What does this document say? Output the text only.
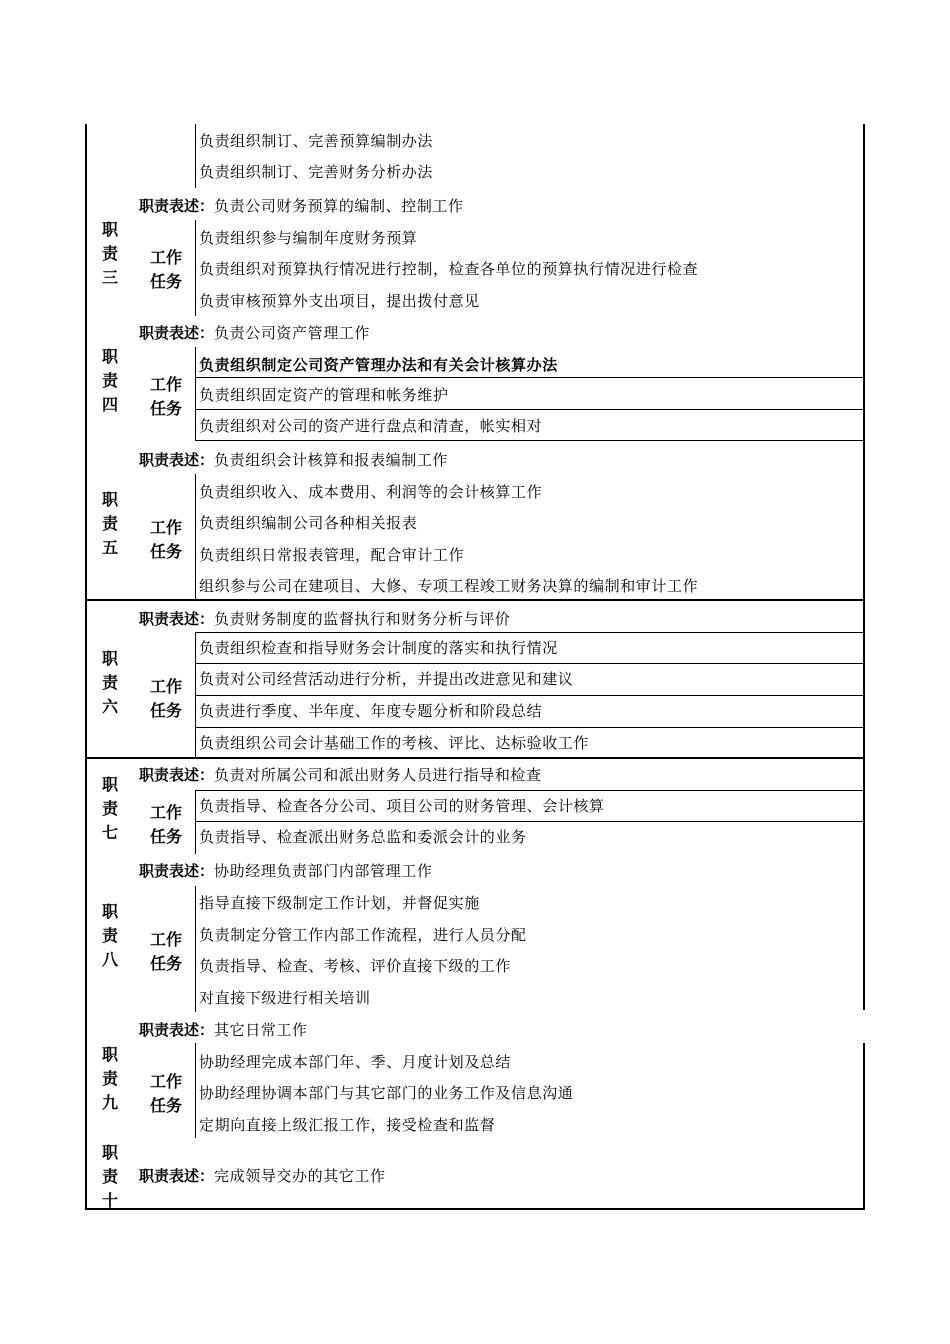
负责组织制订、完善预算编制办法
负责组织制订、完善财务分析办法
职
责
三
职责表述：负责公司财务预算的编制、控制工作
工作
任务
负责组织参与编制年度财务预算
负责组织对预算执行情况进行控制，检查各单位的预算执行情况进行检查
负责审核预算外支出项目，提出拨付意见
职
责
四
职责表述：负责公司资产管理工作
工作
任务
负责组织制定公司资产管理办法和有关会计核算办法
负责组织固定资产的管理和帐务维护
负责组织对公司的资产进行盘点和清查，帐实相对
职
责
五
职责表述：负责组织会计核算和报表编制工作
工作
任务
负责组织收入、成本费用、利润等的会计核算工作
负责组织编制公司各种相关报表
负责组织日常报表管理，配合审计工作
组织参与公司在建项目、大修、专项工程竣工财务决算的编制和审计工作
职
责
六
职责表述：负责财务制度的监督执行和财务分析与评价
工作
任务
负责组织检查和指导财务会计制度的落实和执行情况
负责对公司经营活动进行分析，并提出改进意见和建议
负责进行季度、半年度、年度专题分析和阶段总结
负责组织公司会计基础工作的考核、评比、达标验收工作
职
责
七
职责表述：负责对所属公司和派出财务人员进行指导和检查
工作
任务
负责指导、检查各分公司、项目公司的财务管理、会计核算
负责指导、检查派出财务总监和委派会计的业务
职
责
八
职责表述：协助经理负责部门内部管理工作
工作
任务
指导直接下级制定工作计划，并督促实施
负责制定分管工作内部工作流程，进行人员分配
负责指导、检查、考核、评价直接下级的工作
对直接下级进行相关培训
职
责
九
职责表述：其它日常工作
工作
任务
协助经理完成本部门年、季、月度计划及总结
协助经理协调本部门与其它部门的业务工作及信息沟通
定期向直接上级汇报工作，接受检查和监督
职
责
十
职责表述：完成领导交办的其它工作
